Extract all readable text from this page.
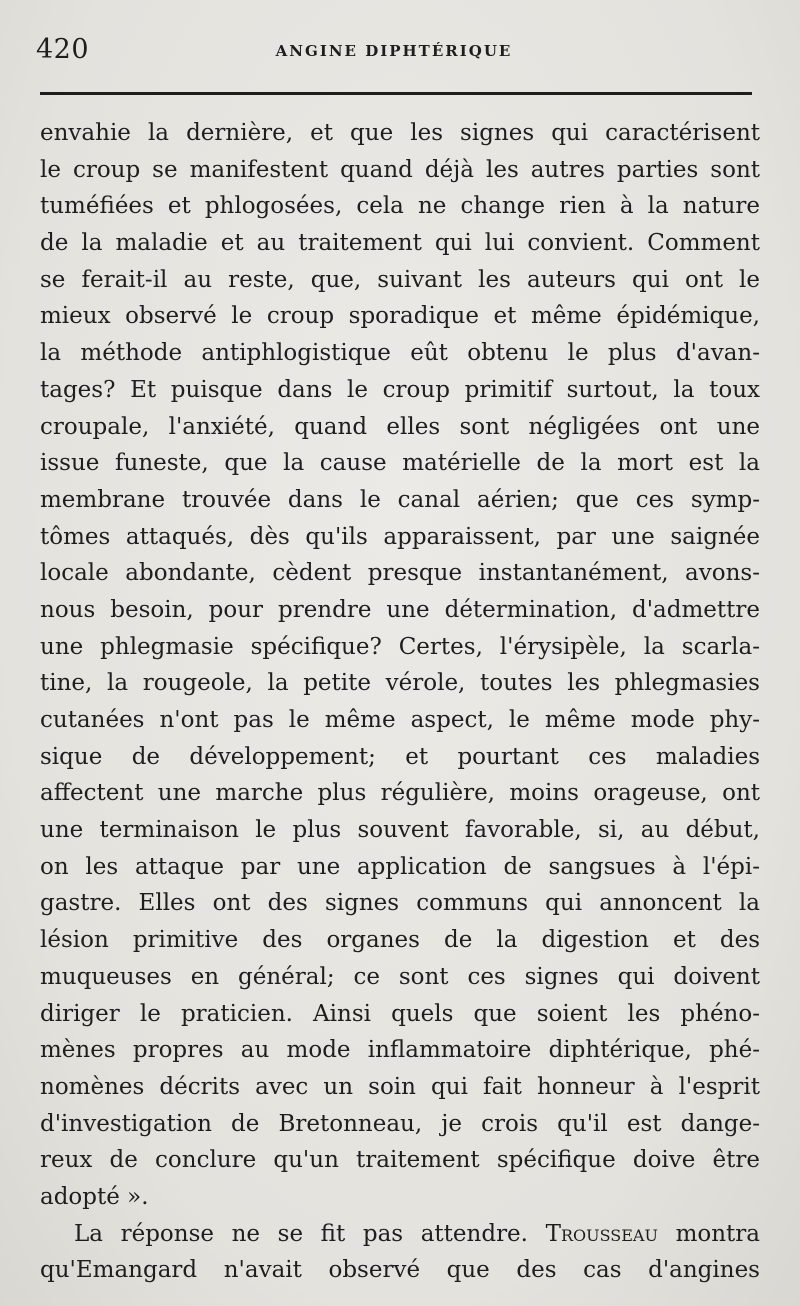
420	ANGINE DIPHTÉRIQUE
envahie la dernière, et que les signes qui caractérisent
le croup se manifestent quand déjà les autres parties sont
tuméfiées et phlogosées, cela ne change rien à la nature
de la maladie et au traitement qui lui convient. Comment
se ferait-il au reste, que, suivant les auteurs qui ont le
mieux observé le croup sporadique et même épidémique,
la méthode antiphlogistique eût obtenu le plus d'avan-
tages? Et puisque dans le croup primitif surtout, la toux
croupale, l'anxiété, quand elles sont négligées ont une
issue funeste, que la cause matérielle de la mort est la
membrane trouvée dans le canal aérien; que ces symp-
tômes attaqués, dès qu'ils apparaissent, par une saignée
locale abondante, cèdent presque instantanément, avons-
nous besoin, pour prendre une détermination, d'admettre
une phlegmasie spécifique? Certes, l'érysipèle, la scarla-
tine, la rougeole, la petite vérole, toutes les phlegmasies
cutanées n'ont pas le même aspect, le même mode phy-
sique de développement; et pourtant ces maladies
affectent une marche plus régulière, moins orageuse, ont
une terminaison le plus souvent favorable, si, au début,
on les attaque par une application de sangsues à l'épi-
gastre. Elles ont des signes communs qui annoncent la
lésion primitive des organes de la digestion et des
muqueuses en général; ce sont ces signes qui doivent
diriger le praticien. Ainsi quels que soient les phéno-
mènes propres au mode inflammatoire diphtérique, phé-
nomènes décrits avec un soin qui fait honneur à l'esprit
d'investigation de Bretonneau, je crois qu'il est dange-
reux de conclure qu'un traitement spécifique doive être
adopté ».
La réponse ne se fit pas attendre. Trousseau montra
qu'Emangard n'avait observé que des cas d'angines
